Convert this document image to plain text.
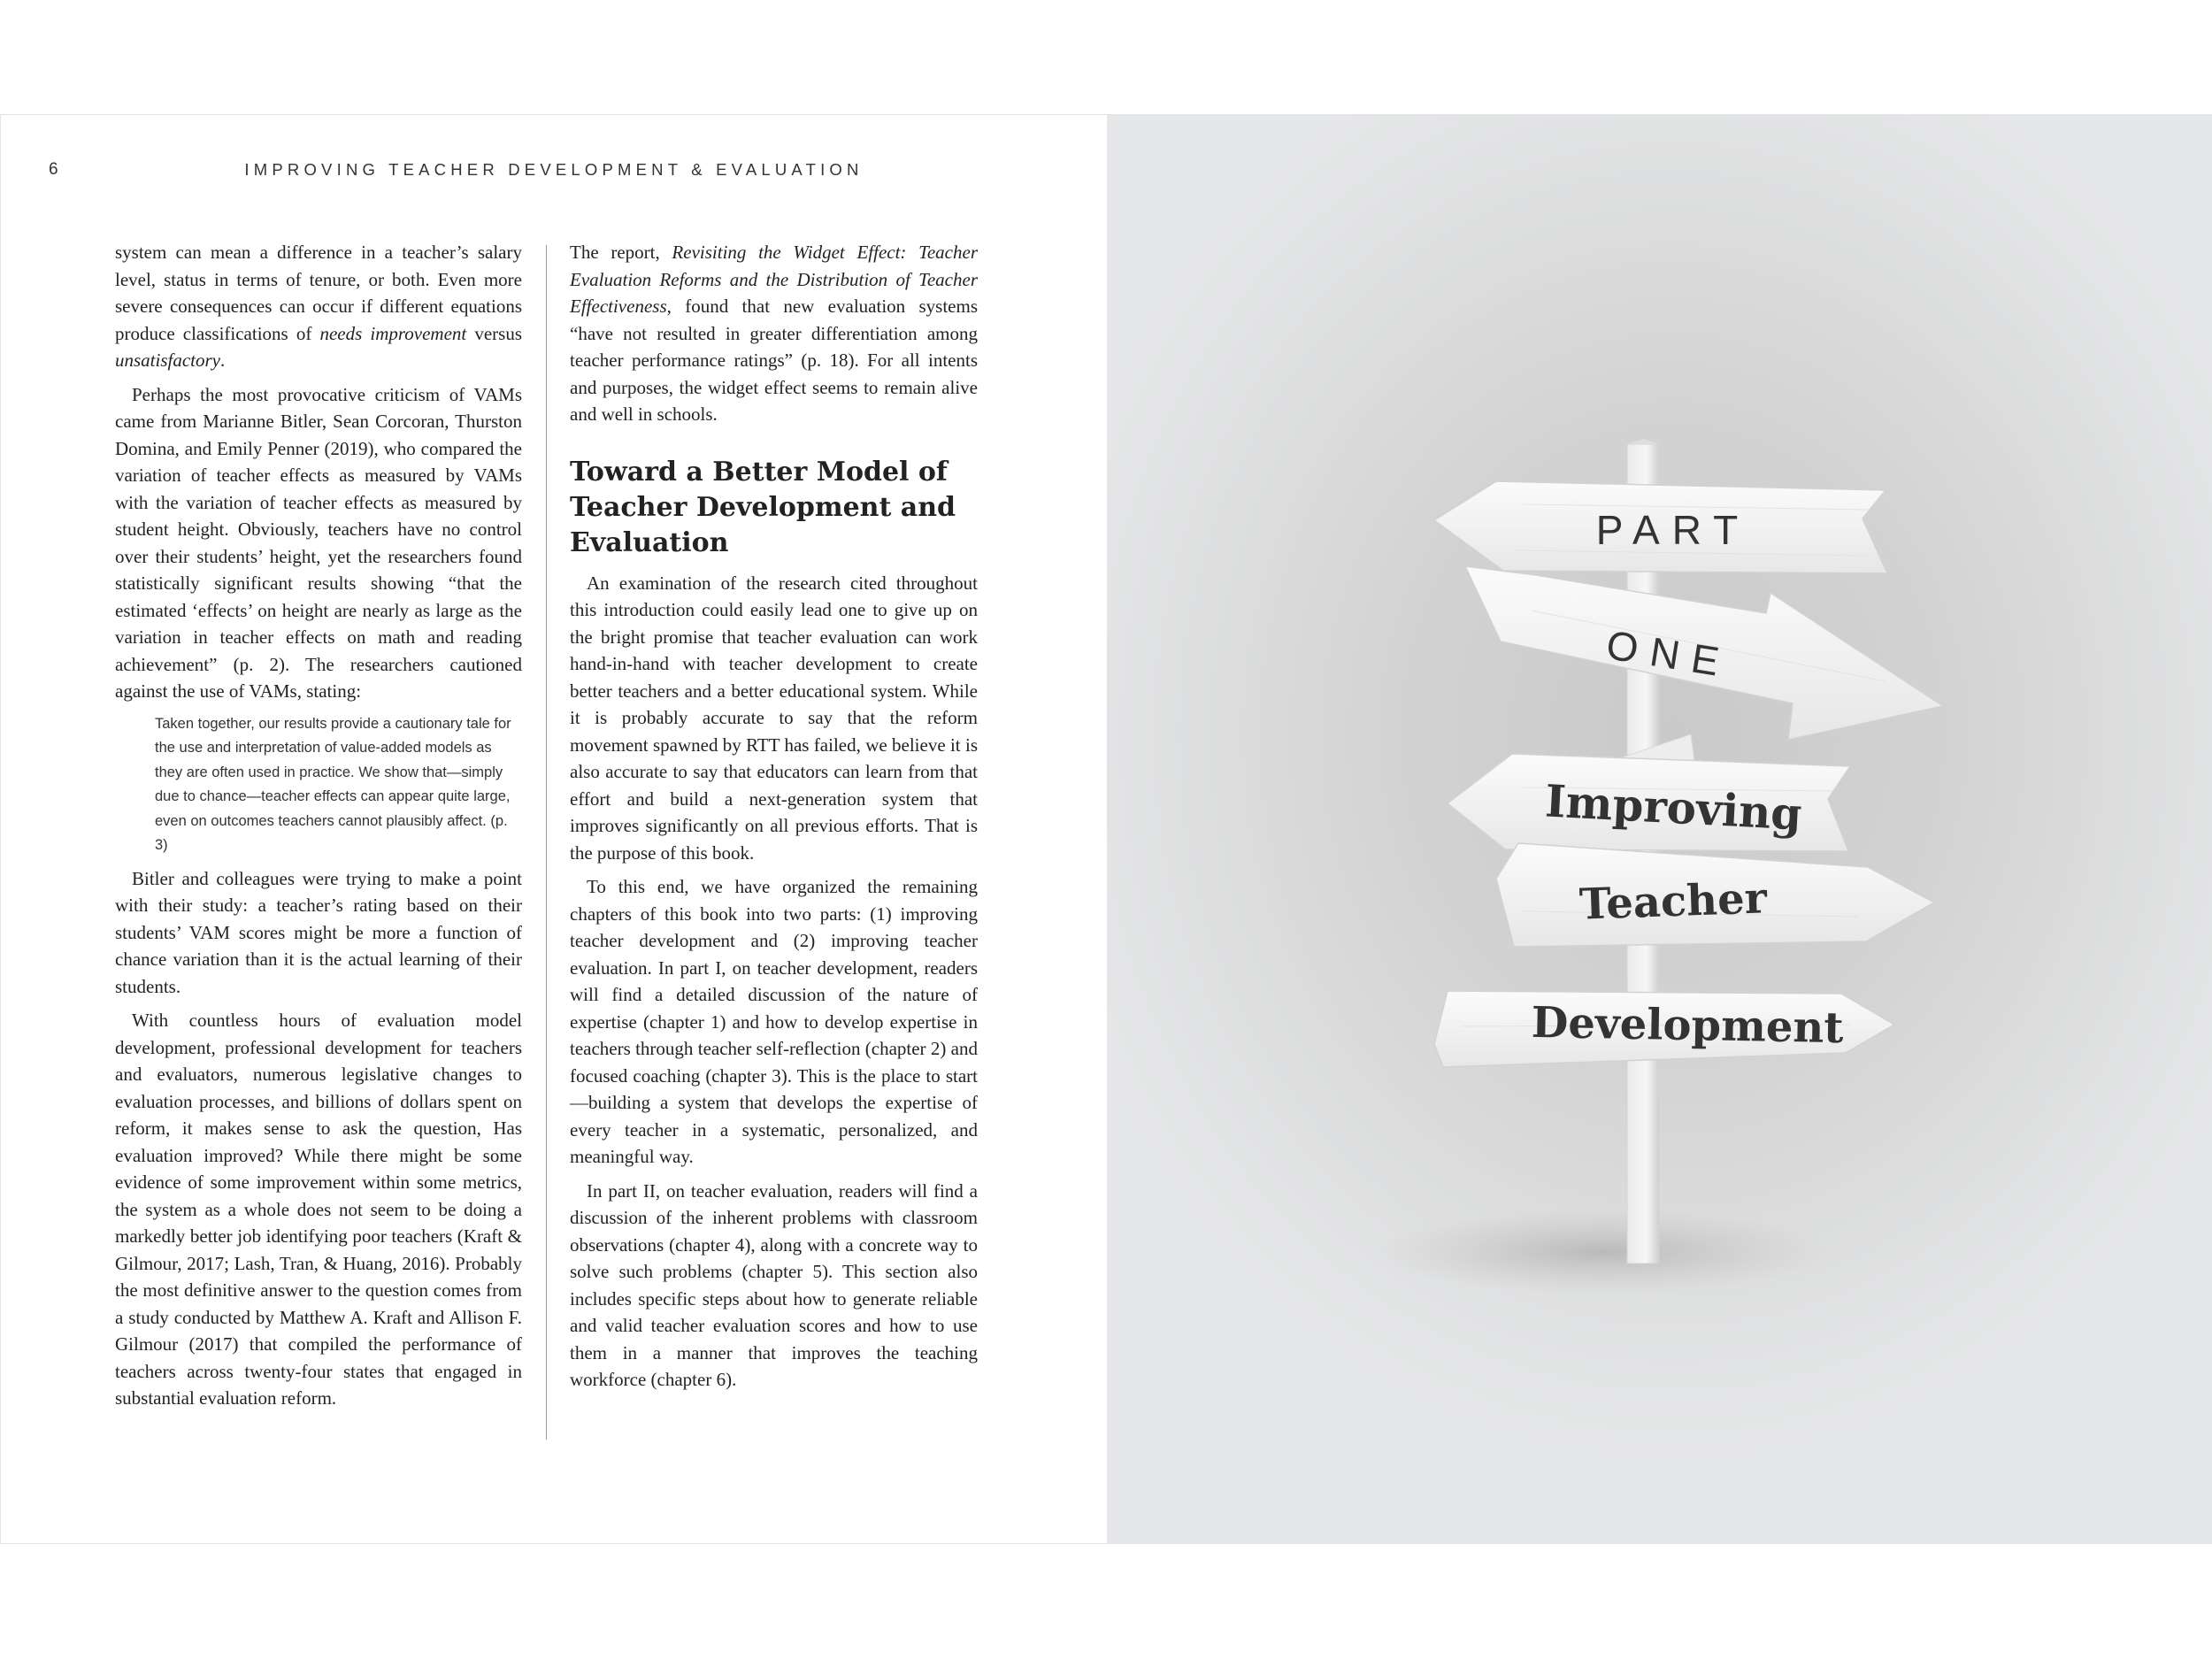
6	IMPROVING TEACHER DEVELOPMENT & EVALUATION

system can mean a difference in a teacher’s salary level, status in terms of tenure, or both. Even more severe consequences can occur if different equations produce classifications of needs improvement versus unsatisfactory.

Perhaps the most provocative criticism of VAMs came from Marianne Bitler, Sean Corcoran, Thurston Domina, and Emily Penner (2019), who compared the variation of teacher effects as measured by VAMs with the variation of teacher effects as measured by student height. Obviously, teachers have no control over their students’ height, yet the researchers found statistically significant results showing “that the estimated ‘effects’ on height are nearly as large as the variation in teacher effects on math and reading achievement” (p. 2). The researchers cautioned against the use of VAMs, stating:

Taken together, our results provide a cautionary tale for the use and interpretation of value-added models as they are often used in practice. We show that—simply due to chance—teacher effects can appear quite large, even on outcomes teachers cannot plausibly affect. (p. 3)

Bitler and colleagues were trying to make a point with their study: a teacher’s rating based on their students’ VAM scores might be more a function of chance variation than it is the actual learning of their students.

With countless hours of evaluation model development, professional development for teachers and evaluators, numerous legislative changes to evaluation processes, and billions of dollars spent on reform, it makes sense to ask the question, Has evaluation improved? While there might be some evidence of some improvement within some metrics, the system as a whole does not seem to be doing a markedly better job identifying poor teachers (Kraft & Gilmour, 2017; Lash, Tran, & Huang, 2016). Probably the most definitive answer to the question comes from a study conducted by Matthew A. Kraft and Allison F. Gilmour (2017) that compiled the performance of teachers across twenty-four states that engaged in substantial evaluation reform.

The report, Revisiting the Widget Effect: Teacher Evaluation Reforms and the Distribution of Teacher Effectiveness, found that new evaluation systems “have not resulted in greater differentiation among teacher performance ratings” (p. 18). For all intents and purposes, the widget effect seems to remain alive and well in schools.

Toward a Better Model of Teacher Development and Evaluation

An examination of the research cited throughout this introduction could easily lead one to give up on the bright promise that teacher evaluation can work hand-in-hand with teacher development to create better teachers and a better educational system. While it is probably accurate to say that the reform movement spawned by RTT has failed, we believe it is also accurate to say that educators can learn from that effort and build a next-generation system that improves significantly on all previous efforts. That is the purpose of this book.

To this end, we have organized the remaining chapters of this book into two parts: (1) improving teacher development and (2) improving teacher evaluation. In part I, on teacher development, readers will find a detailed discussion of the nature of expertise (chapter 1) and how to develop expertise in teachers through teacher self-reflection (chapter 2) and focused coaching (chapter 3). This is the place to start—building a system that develops the expertise of every teacher in a systematic, personalized, and meaningful way.

In part II, on teacher evaluation, readers will find a discussion of the inherent problems with classroom observations (chapter 4), along with a concrete way to solve such problems (chapter 5). This section also includes specific steps about how to generate reliable and valid teacher evaluation scores and how to use them in a manner that improves the teaching workforce (chapter 6).

PART
ONE
Improving
Teacher
Development
